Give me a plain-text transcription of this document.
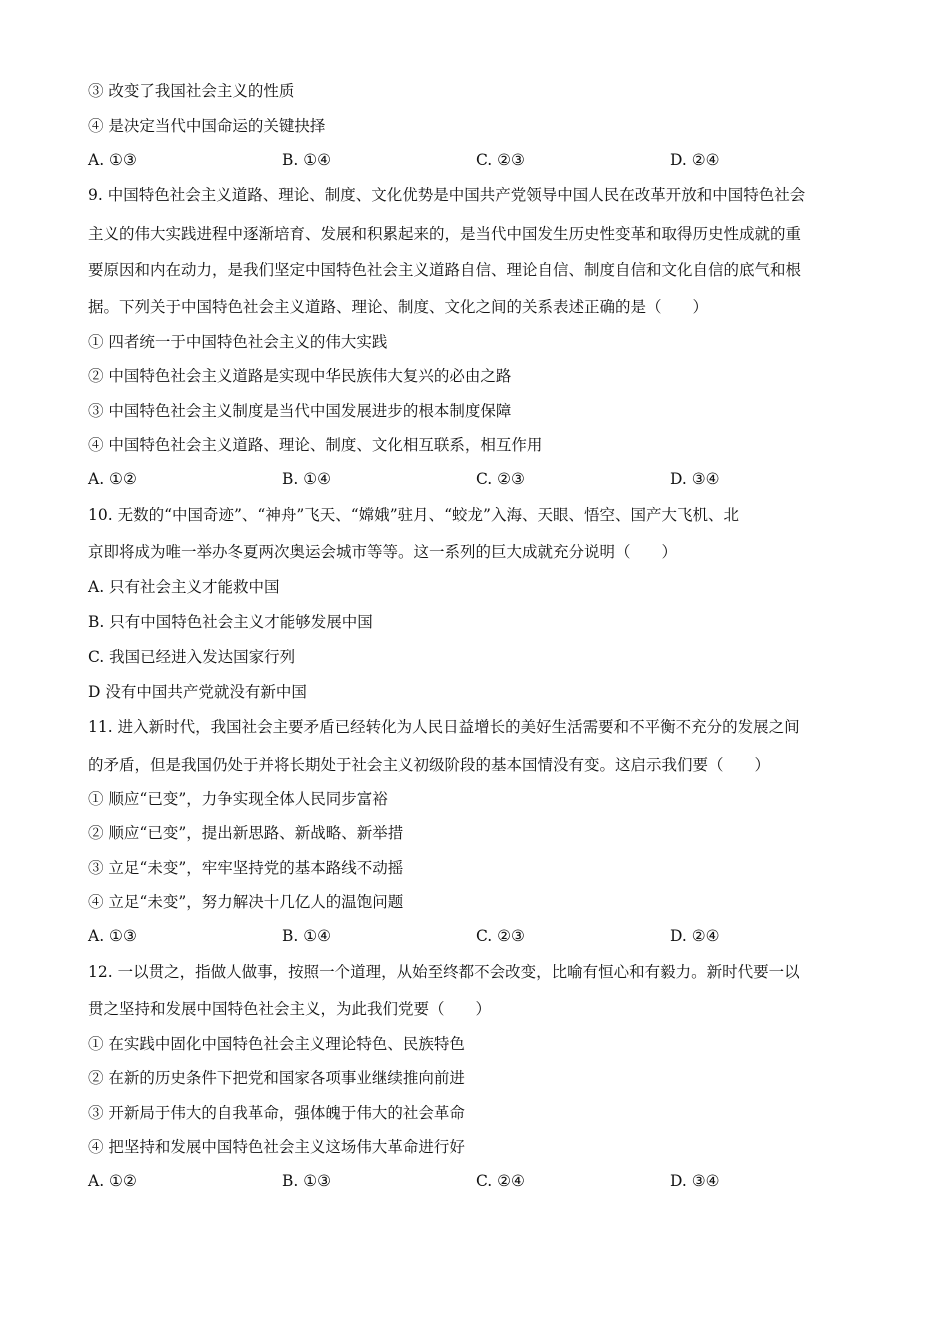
③ 改变了我国社会主义的性质
④ 是决定当代中国命运的关键抉择
A. ①③	B. ①④	C. ②③	D. ②④
9. 中国特色社会主义道路、理论、制度、文化优势是中国共产党领导中国人民在改革开放和中国特色社会
主义的伟大实践进程中逐渐培育、发展和积累起来的，是当代中国发生历史性变革和取得历史性成就的重
要原因和内在动力，是我们坚定中国特色社会主义道路自信、理论自信、制度自信和文化自信的底气和根
据。下列关于中国特色社会主义道路、理论、制度、文化之间的关系表述正确的是（　　）
① 四者统一于中国特色社会主义的伟大实践
② 中国特色社会主义道路是实现中华民族伟大复兴的必由之路
③ 中国特色社会主义制度是当代中国发展进步的根本制度保障
④ 中国特色社会主义道路、理论、制度、文化相互联系，相互作用
A. ①②	B. ①④	C. ②③	D. ③④
10. 无数的“中国奇迹”、“神舟”飞天、“嫦娥”驻月、“蛟龙”入海、天眼、悟空、国产大飞机、北
京即将成为唯一举办冬夏两次奥运会城市等等。这一系列的巨大成就充分说明（　　）
A. 只有社会主义才能救中国
B. 只有中国特色社会主义才能够发展中国
C. 我国已经进入发达国家行列
D 没有中国共产党就没有新中国
11. 进入新时代，我国社会主要矛盾已经转化为人民日益增长的美好生活需要和不平衡不充分的发展之间
的矛盾，但是我国仍处于并将长期处于社会主义初级阶段的基本国情没有变。这启示我们要（　　）
① 顺应“已变”，力争实现全体人民同步富裕
② 顺应“已变”，提出新思路、新战略、新举措
③ 立足“未变”，牢牢坚持党的基本路线不动摇
④ 立足“未变”，努力解决十几亿人的温饱问题
A. ①③	B. ①④	C. ②③	D. ②④
12. 一以贯之，指做人做事，按照一个道理，从始至终都不会改变，比喻有恒心和有毅力。新时代要一以
贯之坚持和发展中国特色社会主义，为此我们党要（　　）
① 在实践中固化中国特色社会主义理论特色、民族特色
② 在新的历史条件下把党和国家各项事业继续推向前进
③ 开新局于伟大的自我革命，强体魄于伟大的社会革命
④ 把坚持和发展中国特色社会主义这场伟大革命进行好
A. ①②	B. ①③	C. ②④	D. ③④
